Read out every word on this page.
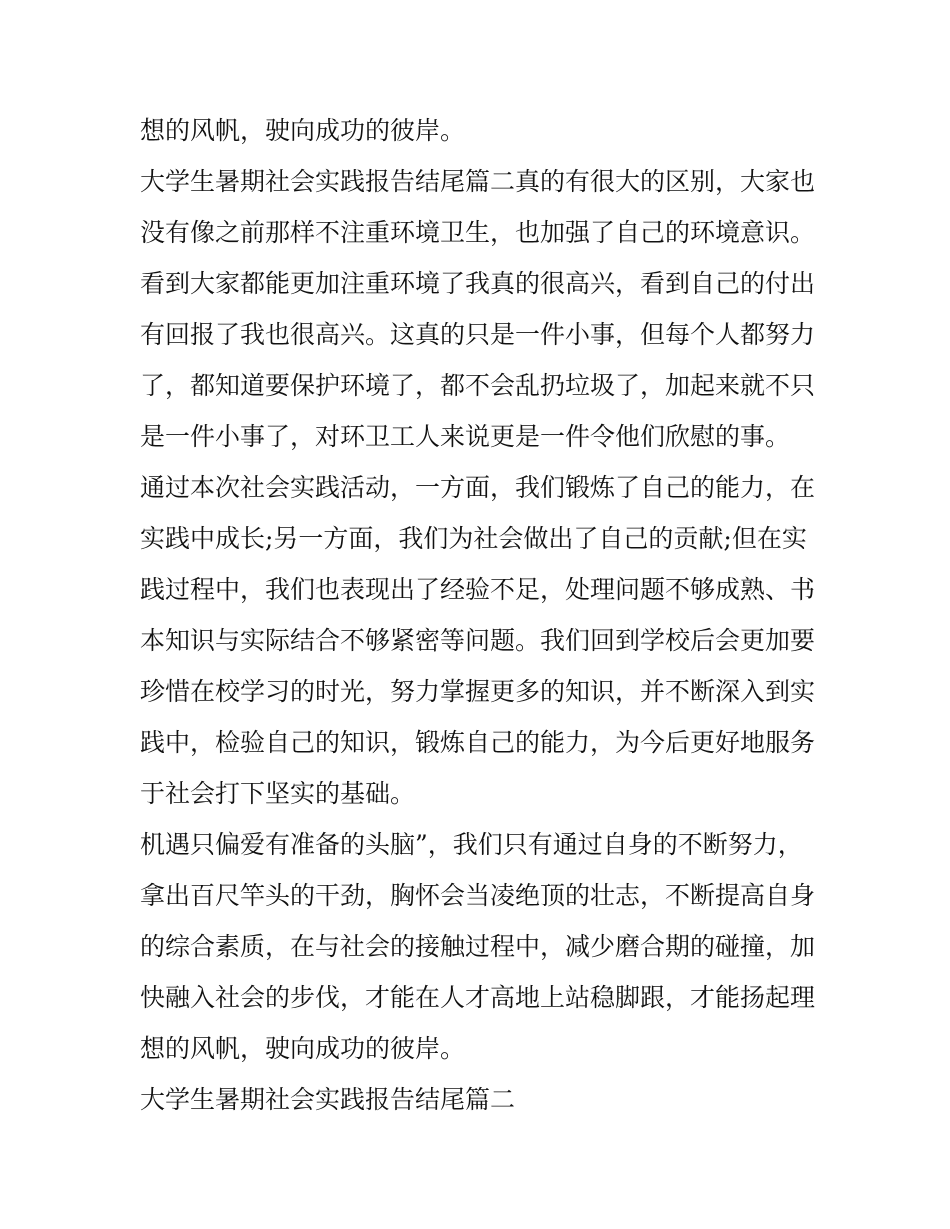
想的风帆，驶向成功的彼岸。

大学生暑期社会实践报告结尾篇二真的有很大的区别，大家也
没有像之前那样不注重环境卫生，也加强了自己的环境意识。
看到大家都能更加注重环境了我真的很高兴，看到自己的付出
有回报了我也很高兴。这真的只是一件小事，但每个人都努力
了，都知道要保护环境了，都不会乱扔垃圾了，加起来就不只
是一件小事了，对环卫工人来说更是一件令他们欣慰的事。

通过本次社会实践活动，一方面，我们锻炼了自己的能力，在
实践中成长;另一方面，我们为社会做出了自己的贡献;但在实
践过程中，我们也表现出了经验不足，处理问题不够成熟、书
本知识与实际结合不够紧密等问题。我们回到学校后会更加要
珍惜在校学习的时光，努力掌握更多的知识，并不断深入到实
践中，检验自己的知识，锻炼自己的能力，为今后更好地服务
于社会打下坚实的基础。

机遇只偏爱有准备的头脑”，我们只有通过自身的不断努力，
拿出百尺竿头的干劲，胸怀会当凌绝顶的壮志，不断提高自身
的综合素质，在与社会的接触过程中，减少磨合期的碰撞，加
快融入社会的步伐，才能在人才高地上站稳脚跟，才能扬起理
想的风帆，驶向成功的彼岸。

大学生暑期社会实践报告结尾篇二
